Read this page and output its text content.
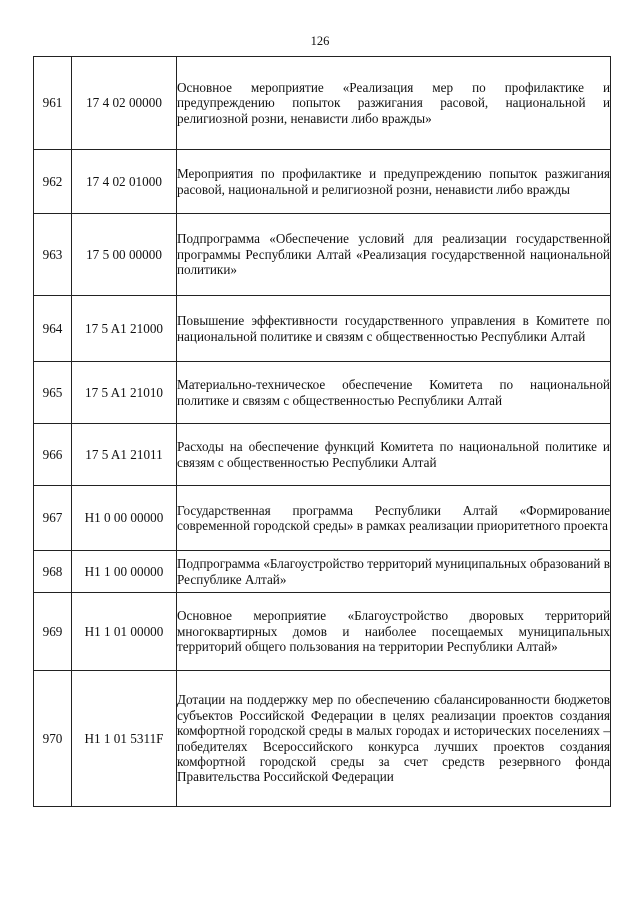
126
961	17 4 02 00000	Основное мероприятие «Реализация мер по профилактике и предупреждению попыток разжигания расовой, национальной и религиозной розни, ненависти либо вражды»

962	17 4 02 01000	Мероприятия по профилактике и предупреждению попыток разжигания расовой, национальной и религиозной розни, ненависти либо вражды

963	17 5 00 00000	Подпрограмма «Обеспечение условий для реализации государственной программы Республики Алтай «Реализация государственной национальной политики»

964	17 5 A1 21000	Повышение эффективности государственного управления в Комитете по национальной политике и связям с общественностью Республики Алтай

965	17 5 A1 21010	Материально-техническое обеспечение Комитета по национальной политике и связям с общественностью Республики Алтай

966	17 5 A1 21011	Расходы на обеспечение функций Комитета по национальной политике и связям с общественностью Республики Алтай

967	H1 0 00 00000	Государственная программа Республики Алтай «Формирование современной городской среды» в рамках реализации приоритетного проекта

968	H1 1 00 00000	Подпрограмма «Благоустройство территорий муниципальных образований в Республике Алтай»

969	H1 1 01 00000	Основное мероприятие «Благоустройство дворовых территорий многоквартирных домов и наиболее посещаемых муниципальных территорий общего пользования на территории Республики Алтай»

970	H1 1 01 5311F	Дотации на поддержку мер по обеспечению сбалансированности бюджетов субъектов Российской Федерации в целях реализации проектов создания комфортной городской среды в малых городах и исторических поселениях – победителях Всероссийского конкурса лучших проектов создания комфортной городской среды за счет средств резервного фонда Правительства Российской Федерации
